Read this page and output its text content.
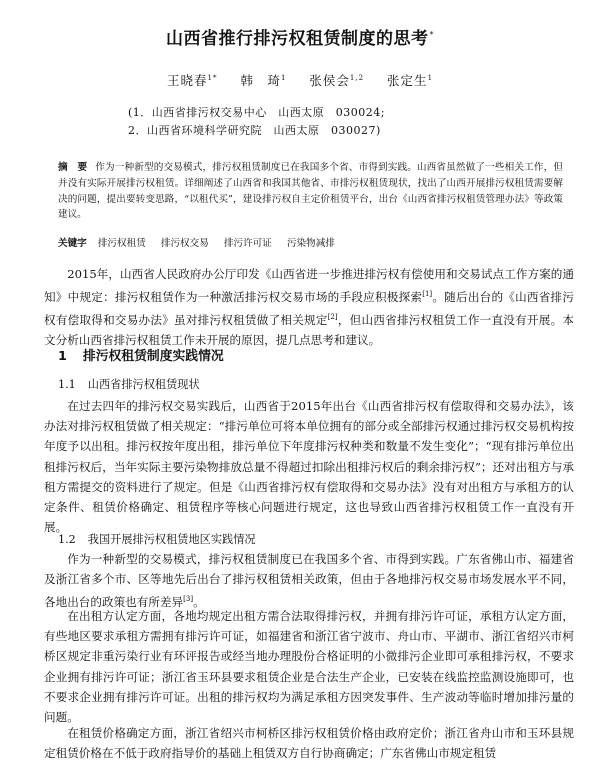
山西省推行排污权租赁制度的思考*
王晓春$^{1*}$ 韩　琦$^1$ 张侯会$^{1,2}$ 张定生$^1$
(1．山西省排污权交易中心　山西太原　030024;
2．山西省环境科学研究院　山西太原　030027)
摘　要 作为一种新型的交易模式，排污权租赁制度已在我国多个省、市得到实践。山西省虽然做了一些相关工作，但并没有实际开展排污权租赁。详细阐述了山西省和我国其他省、市排污权租赁现状，找出了山西开展排污权租赁需要解决的问题，提出要转变思路，“以租代买”，建设排污权自主定价租赁平台，出台《山西省排污权租赁管理办法》等政策建议。
关键字 排污权租赁 排污权交易 排污许可证 污染物减排
2015年，山西省人民政府办公厅印发《山西省进一步推进排污权有偿使用和交易试点工作方案的通知》中规定：排污权租赁作为一种激活排污权交易市场的手段应积极探索[1]。随后出台的《山西省排污权有偿取得和交易办法》虽对排污权租赁做了相关规定[2]，但山西省排污权租赁工作一直没有开展。本文分析山西省排污权租赁工作未开展的原因，提几点思考和建议。
1 排污权租赁制度实践情况
1.1 山西省排污权租赁现状
在过去四年的排污权交易实践后，山西省于2015年出台《山西省排污权有偿取得和交易办法》，该办法对排污权租赁做了相关规定：“排污单位可将本单位拥有的部分或全部排污权通过排污权交易机构按年度予以出租。排污权按年度出租，排污单位下年度排污权种类和数量不发生变化”；“现有排污单位出租排污权后，当年实际主要污染物排放总量不得超过扣除出租排污权后的剩余排污权”；还对出租方与承租方需提交的资料进行了规定。但是《山西省排污权有偿取得和交易办法》没有对出租方与承租方的认定条件、租赁价格确定、租赁程序等核心问题进行规定，这也导致山西省排污权租赁工作一直没有开展。
1.2 我国开展排污权租赁地区实践情况
作为一种新型的交易模式，排污权租赁制度已在我国多个省、市得到实践。广东省佛山市、福建省及浙江省多个市、区等地先后出台了排污权租赁相关政策，但由于各地排污权交易市场发展水平不同，各地出台的政策也有所差异[3]。
在出租方认定方面，各地均规定出租方需合法取得排污权，并拥有排污许可证，承租方认定方面，有些地区要求承租方需拥有排污许可证，如福建省和浙江省宁波市、舟山市、平湖市、浙江省绍兴市柯桥区规定非重污染行业有环评报告或经当地办理股份合格证明的小微排污企业即可承租排污权，不要求企业拥有排污许可证；浙江省玉环县要求租赁企业是合法生产企业，已安装在线监控监测设施即可，也不要求企业拥有排污许可证。出租的排污权均为满足承租方因突发事件、生产波动等临时增加排污量的问题。
在租赁价格确定方面，浙江省绍兴市柯桥区排污权租赁价格由政府定价；浙江省舟山市和玉环县规定租赁价格在不低于政府指导价的基础上租赁双方自行协商确定；广东省佛山市规定租赁
